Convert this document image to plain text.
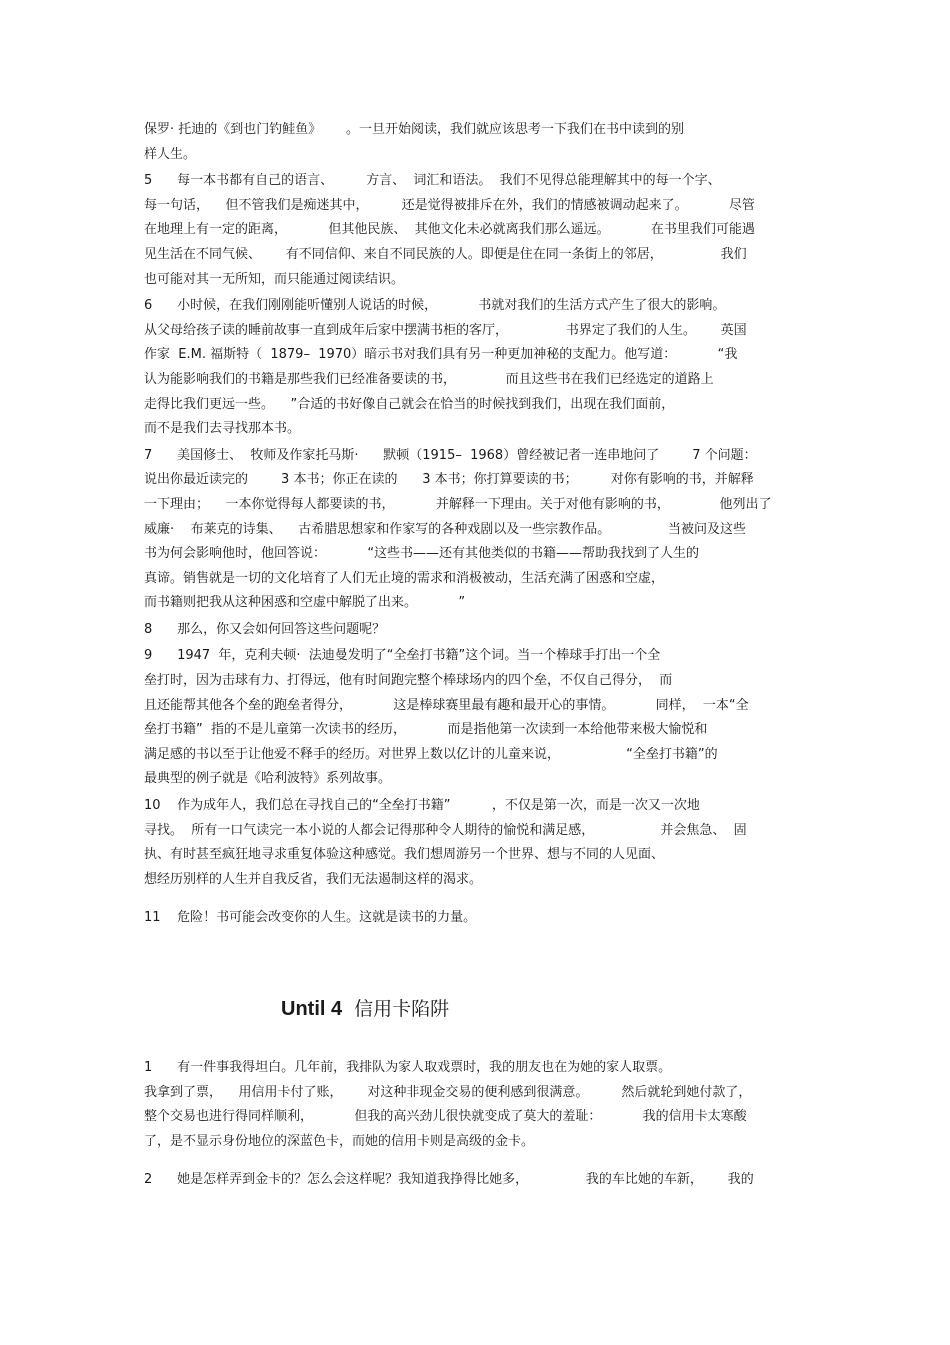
保罗· 托迪的《到也门钓鲑鱼》      。一旦开始阅读，我们就应该思考一下我们在书中读到的别
样人生。
5      每一本书都有自己的语言、        方言、  词汇和语法。  我们不见得总能理解其中的每一个字、
每一句话，    但不管我们是痴迷其中，        还是觉得被排斥在外，我们的情感被调动起来了。          尽管
在地理上有一定的距离，          但其他民族、  其他文化未必就离我们那么遥远。          在书里我们可能遇
见生活在不同气候、      有不同信仰、来自不同民族的人。即便是住在同一条街上的邻居，              我们
也可能对其一无所知，而只能通过阅读结识。
6      小时候，在我们刚刚能听懂别人说话的时候，          书就对我们的生活方式产生了很大的影响。
从父母给孩子读的睡前故事一直到成年后家中摆满书柜的客厅，              书界定了我们的人生。      英国
作家  E.M. 福斯特（  1879–  1970）暗示书对我们具有另一种更加神秘的支配力。他写道：          “我
认为能影响我们的书籍是那些我们已经准备要读的书，            而且这些书在我们已经选定的道路上
走得比我们更远一些。    ”合适的书好像自己就会在恰当的时候找到我们，出现在我们面前，
而不是我们去寻找那本书。
7      美国修士、  牧师及作家托马斯·      默顿（1915–  1968）曾经被记者一连串地问了        7 个问题：
说出你最近读完的        3 本书；你正在读的      3 本书；你打算要读的书；        对你有影响的书，并解释
一下理由；    一本你觉得每人都要读的书，          并解释一下理由。关于对他有影响的书，            他列出了
威廉·    布莱克的诗集、    古希腊思想家和作家写的各种戏剧以及一些宗教作品。              当被问及这些
书为何会影响他时，他回答说：          “这些书——还有其他类似的书籍——帮助我找到了人生的
真谛。销售就是一切的文化培育了人们无止境的需求和消极被动，生活充满了困惑和空虚，
而书籍则把我从这种困惑和空虚中解脱了出来。          ”
8      那么，你又会如何回答这些问题呢？
9      1947  年，克利夫顿·  法迪曼发明了“全垒打书籍”这个词。当一个棒球手打出一个全
垒打时，因为击球有力、打得远，他有时间跑完整个棒球场内的四个垒，不仅自己得分，  而
且还能帮其他各个垒的跑垒者得分，          这是棒球赛里最有趣和最开心的事情。          同样，  一本“全
垒打书籍”  指的不是儿童第一次读书的经历，          而是指他第一次读到一本给他带来极大愉悦和
满足感的书以至于让他爱不释手的经历。对世界上数以亿计的儿童来说，                “全垒打书籍”的
最典型的例子就是《哈利波特》系列故事。
10    作为成年人，我们总在寻找自己的“全垒打书籍”          ，不仅是第一次，而是一次又一次地
寻找。  所有一口气读完一本小说的人都会记得那种令人期待的愉悦和满足感，                并会焦急、  固
执、有时甚至疯狂地寻求重复体验这种感觉。我们想周游另一个世界、想与不同的人见面、
想经历别样的人生并自我反省，我们无法遏制这样的渴求。
11    危险！书可能会改变你的人生。这就是读书的力量。
Until 4 信用卡陷阱
1      有一件事我得坦白。几年前，我排队为家人取戏票时，我的朋友也在为她的家人取票。
我拿到了票，    用信用卡付了账，      对这种非现金交易的便利感到很满意。        然后就轮到她付款了，
整个交易也进行得同样顺利，          但我的高兴劲儿很快就变成了莫大的羞耻：          我的信用卡太寒酸
了，是不显示身份地位的深蓝色卡，而她的信用卡则是高级的金卡。
2      她是怎样弄到金卡的？怎么会这样呢？我知道我挣得比她多，              我的车比她的车新，      我的
